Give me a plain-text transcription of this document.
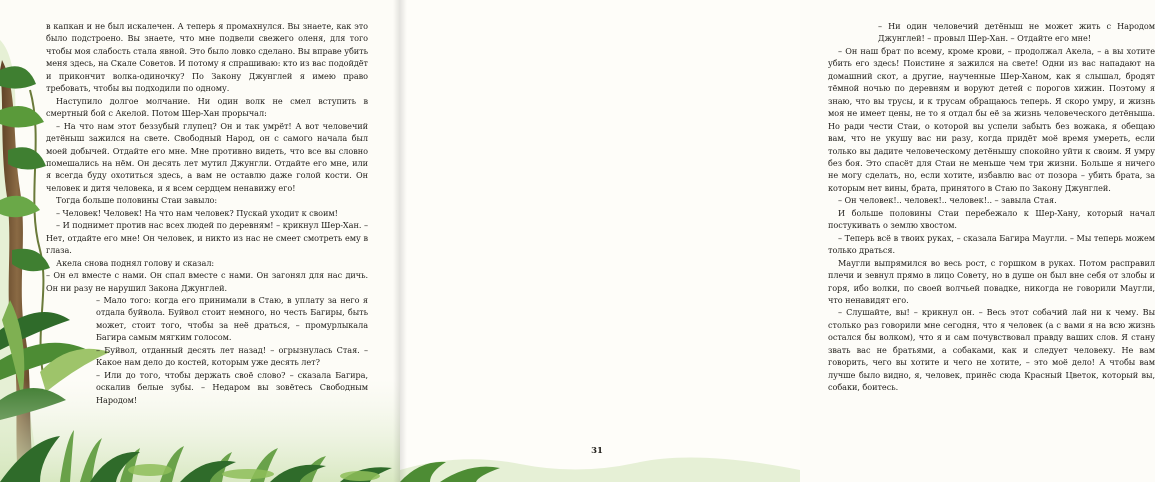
в капкан и не был искалечен. А теперь я промахнулся. Вы знаете, как это было подстроено. Вы знаете, что мне подвели свежего оленя, для того чтобы моя слабость стала явной. Это было ловко сделано. Вы вправе убить меня здесь, на Скале Советов. И потому я спрашиваю: кто из вас подойдёт и прикончит волка-одиночку? По Закону Джунглей я имею право требовать, чтобы вы подходили по одному.

Наступило долгое молчание. Ни один волк не смел вступить в смертный бой с Акелой. Потом Шер-Хан прорычал:

– На что нам этот беззубый глупец? Он и так умрёт! А вот человечий детёныш зажился на свете. Свободный Народ, он с самого начала был моей добычей. Отдайте его мне. Мне противно видеть, что все вы словно помешались на нём. Он десять лет мутил Джунгли. Отдайте его мне, или я всегда буду охотиться здесь, а вам не оставлю даже голой кости. Он человек и дитя человека, и я всем сердцем ненавижу его!

Тогда больше половины Стаи завыло:

– Человек! Человек! На что нам человек? Пускай уходит к своим!

– И поднимет против нас всех людей по деревням! – крикнул Шер-Хан. – Нет, отдайте его мне! Он человек, и никто из нас не смеет смотреть ему в глаза.

Акела снова поднял голову и сказал:

– Он ел вместе с нами. Он спал вместе с нами. Он загонял для нас дичь. Он ни разу не нарушил Закона Джунглей.

– Мало того: когда его принимали в Стаю, в уплату за него я отдала буйвола. Буйвол стоит немного, но честь Багиры, быть может, стоит того, чтобы за неё драться, – промурлыкала Багира самым мягким голосом.

– Буйвол, отданный десять лет назад! – огрызнулась Стая. – Какое нам дело до костей, которым уже десять лет?

– Или до того, чтобы держать своё слово? – сказала Багира, оскалив белые зубы. – Недаром вы зовётесь Свободным Народом!

– Ни один человечий детёныш не может жить с Народом Джунглей! – провыл Шер-Хан. – Отдайте его мне!

– Он наш брат по всему, кроме крови, – продолжал Акела, – а вы хотите убить его здесь! Поистине я зажился на свете! Одни из вас нападают на домашний скот, а другие, наученные Шер-Ханом, как я слышал, бродят тёмной ночью по деревням и воруют детей с порогов хижин. Поэтому я знаю, что вы трусы, и к трусам обращаюсь теперь. Я скоро умру, и жизнь моя не имеет цены, не то я отдал бы её за жизнь человеческого детёныша. Но ради чести Стаи, о которой вы успели забыть без вожака, я обещаю вам, что не укушу вас ни разу, когда придёт моё время умереть, если только вы дадите человеческому детёнышу спокойно уйти к своим. Я умру без боя. Это спасёт для Стаи не меньше чем три жизни. Больше я ничего не могу сделать, но, если хотите, избавлю вас от позора – убить брата, за которым нет вины, брата, принятого в Стаю по Закону Джунглей.

– Он человек!.. человек!.. человек!.. – завыла Стая.

И больше половины Стаи перебежало к Шер-Хану, который начал постукивать о землю хвостом.

– Теперь всё в твоих руках, – сказала Багира Маугли. – Мы теперь можем только драться.

Маугли выпрямился во весь рост, с горшком в руках. Потом расправил плечи и зевнул прямо в лицо Совету, но в душе он был вне себя от злобы и горя, ибо волки, по своей волчьей повадке, никогда не говорили Маугли, что ненавидят его.

– Слушайте, вы! – крикнул он. – Весь этот собачий лай ни к чему. Вы столько раз говорили мне сегодня, что я человек (а с вами я на всю жизнь остался бы волком), что я и сам почувствовал правду ваших слов. Я стану звать вас не братьями, а собаками, как и следует человеку. Не вам говорить, чего вы хотите и чего не хотите, – это моё дело! А чтобы вам лучше было видно, я, человек, принёс сюда Красный Цветок, который вы, собаки, боитесь.

31
